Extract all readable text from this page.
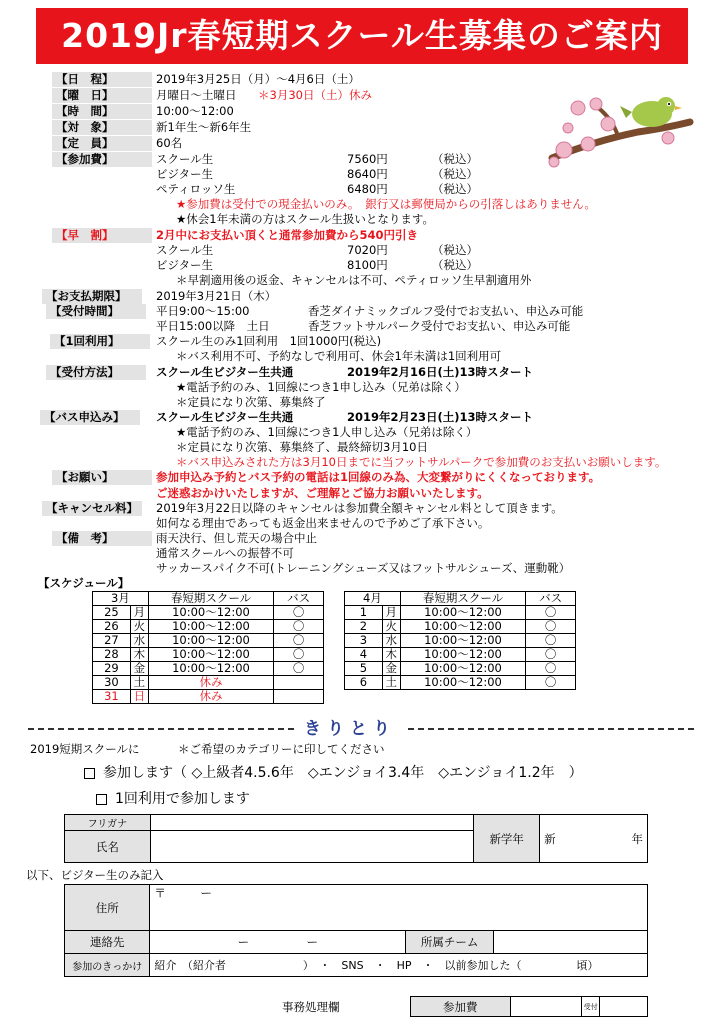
2019Jr春短期スクール生募集のご案内
【日　程】	2019年3月25日（月）～4月6日（土）
【曜　日】	月曜日～土曜日 ＊3月30日（土）休み
【時　間】	10:00～12:00
【対　象】	新1年生～新6年生
【定　員】	60名
【参加費】	スクール生	7560円	（税込）
ビジター生	8640円	（税込）
ペティロッソ生	6480円	（税込）
★参加費は受付での現金払いのみ。　銀行又は郵便局からの引落しはありません。
★休会1年未満の方はスクール生扱いとなります。
【早　割】	2月中にお支払い頂くと通常参加費から540円引き
スクール生	7020円	（税込）
ビジター生	8100円	（税込）
＊早割適用後の返金、キャンセルは不可、ペティロッソ生早割適用外
【お支払期限】	2019年3月21日（木）
【受付時間】	平日9:00～15:00	香芝ダイナミックゴルフ受付でお支払い、申込み可能
平日15:00以降　土日	香芝フットサルパーク受付でお支払い、申込み可能
【1回利用】	スクール生のみ1回利用　1回1000円(税込)
＊バス利用不可、予約なしで利用可、休会1年未満は1回利用可
【受付方法】	スクール生ビジター生共通	2019年2月16日(土)13時スタート
★電話予約のみ、1回線につき1申し込み（兄弟は除く）
＊定員になり次第、募集終了
【バス申込み】	スクール生ビジター生共通	2019年2月23日(土)13時スタート
★電話予約のみ、1回線につき1人申し込み（兄弟は除く）
＊定員になり次第、募集終了、最終締切3月10日
＊バス申込みされた方は3月10日までに当フットサルパークで参加費のお支払いお願いします。
【お願い】	参加申込み予約とバス予約の電話は1回線のみ為、大変繋がりにくくなっております。
ご迷惑おかけいたしますが、ご理解とご協力お願いいたします。
【キャンセル料】	2019年3月22日以降のキャンセルは参加費全額キャンセル料として頂きます。
如何なる理由であっても返金出来ませんので予めご了承下さい。
【備　考】	雨天決行、但し荒天の場合中止
通常スクールへの振替不可
サッカースパイク不可(トレーニングシューズ又はフットサルシューズ、運動靴）
【スケジュール】
3月		春短期スクール	バス
25	月	10:00～12:00	〇
26	火	10:00～12:00	〇
27	水	10:00～12:00	〇
28	木	10:00～12:00	〇
29	金	10:00～12:00	〇
30	土	休み	
31	日	休み	
4月		春短期スクール	バス
1	月	10:00～12:00	〇
2	火	10:00～12:00	〇
3	水	10:00～12:00	〇
4	木	10:00～12:00	〇
5	金	10:00～12:00	〇
6	土	10:00～12:00	〇
きりとり
2019短期スクールに	＊ご希望のカテゴリーに印してください
参加します（ ◇上級者4.5.6年　◇エンジョイ3.4年　◇エンジョイ1.2年　）
1回利用で参加します
フリガナ		新学年	新 年

氏名			
以下、ビジター生のみ記入
住所	〒　　　ー		
連絡先	ー　　　　　ー	所属チーム	
参加のきっかけ	紹介　（紹介者　　　　　　　）　・　SNS　・　HP　・　以前参加した（　　　　　頃）		
事務処理欄	参加費		受付	
